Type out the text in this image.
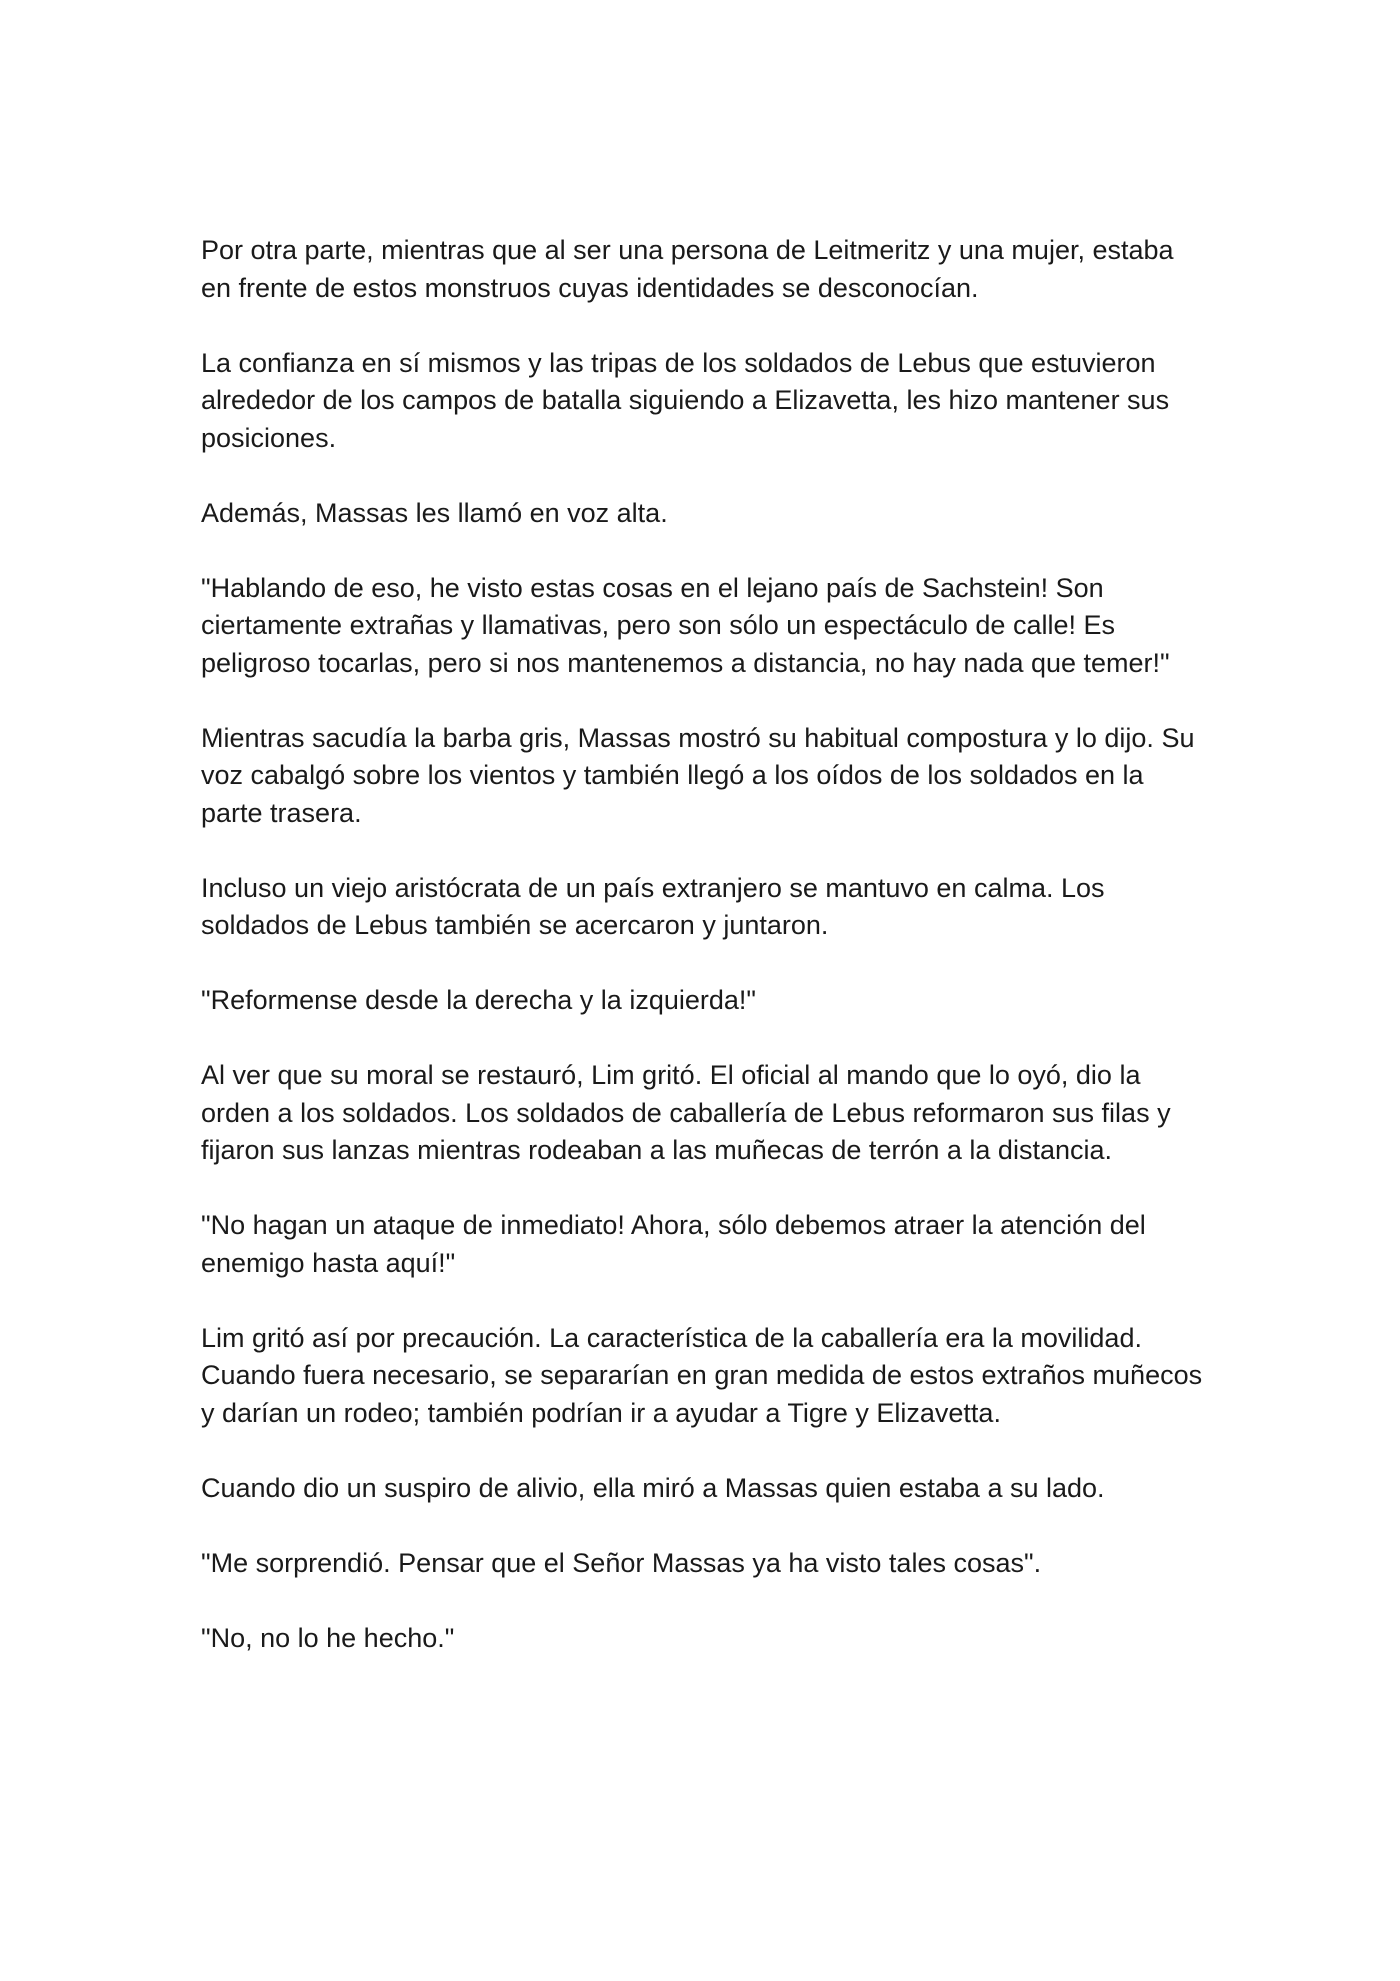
Por otra parte, mientras que al ser una persona de Leitmeritz y una mujer, estaba en frente de estos monstruos cuyas identidades se desconocían.

La confianza en sí mismos y las tripas de los soldados de Lebus que estuvieron alrededor de los campos de batalla siguiendo a Elizavetta, les hizo mantener sus posiciones.

Además, Massas les llamó en voz alta.

"Hablando de eso, he visto estas cosas en el lejano país de Sachstein! Son ciertamente extrañas y llamativas, pero son sólo un espectáculo de calle! Es peligroso tocarlas, pero si nos mantenemos a distancia, no hay nada que temer!"

Mientras sacudía la barba gris, Massas mostró su habitual compostura y lo dijo. Su voz cabalgó sobre los vientos y también llegó a los oídos de los soldados en la parte trasera.

Incluso un viejo aristócrata de un país extranjero se mantuvo en calma. Los soldados de Lebus también se acercaron y juntaron.

"Reformense desde la derecha y la izquierda!"

Al ver que su moral se restauró, Lim gritó. El oficial al mando que lo oyó, dio la orden a los soldados. Los soldados de caballería de Lebus reformaron sus filas y fijaron sus lanzas mientras rodeaban a las muñecas de terrón a la distancia.

"No hagan un ataque de inmediato! Ahora, sólo debemos atraer la atención del enemigo hasta aquí!"

Lim gritó así por precaución. La característica de la caballería era la movilidad. Cuando fuera necesario, se separarían en gran medida de estos extraños muñecos y darían un rodeo; también podrían ir a ayudar a Tigre y Elizavetta.

Cuando dio un suspiro de alivio, ella miró a Massas quien estaba a su lado.

"Me sorprendió. Pensar que el Señor Massas ya ha visto tales cosas".

"No, no lo he hecho."
